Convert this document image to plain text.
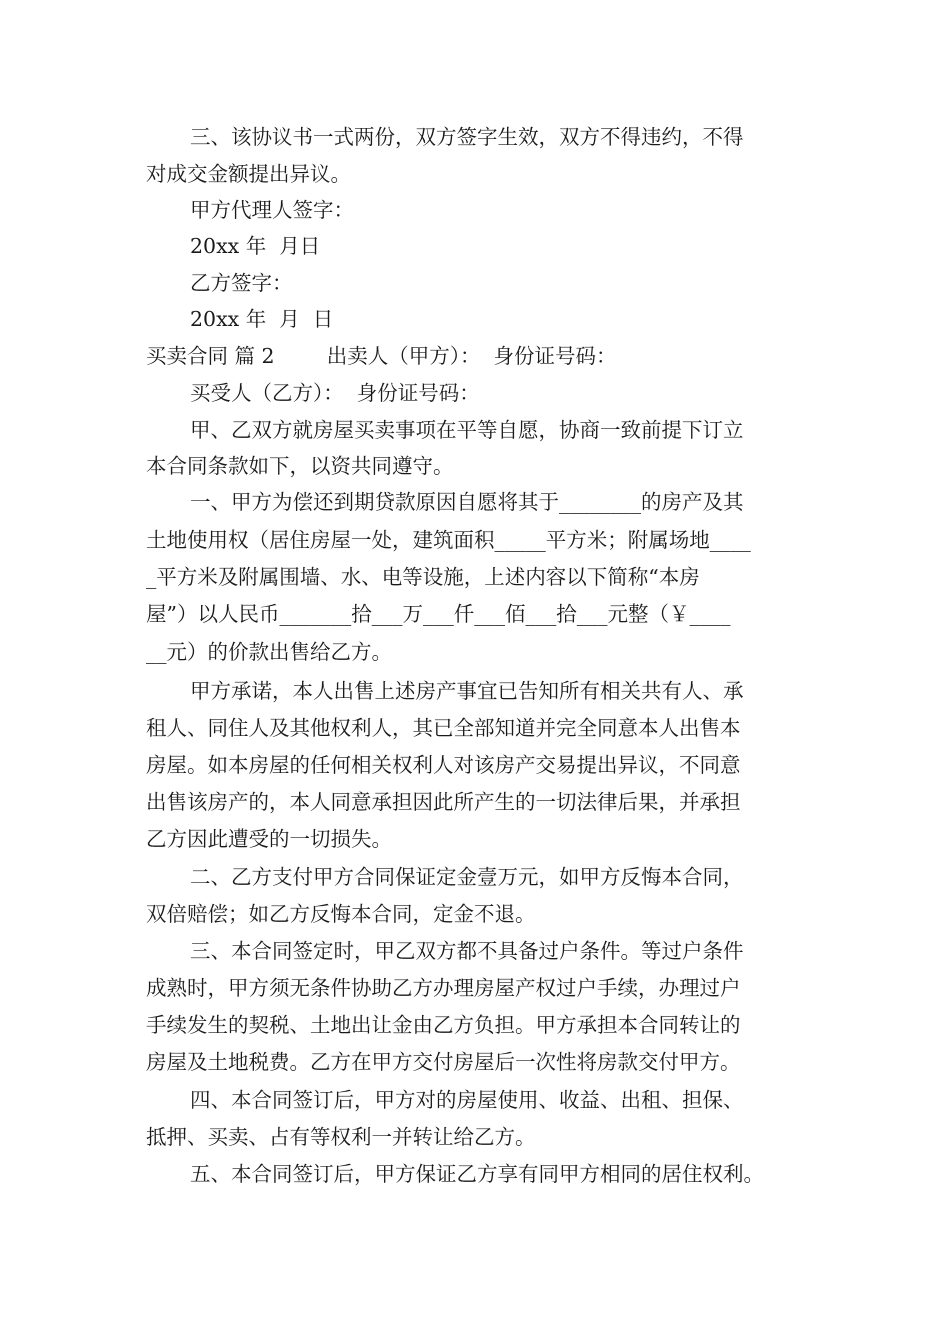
三、该协议书一式两份，双方签字生效，双方不得违约，不得

对成交金额提出异议。

甲方代理人签字：

20xx 年  月日

乙方签字：

20xx 年  月  日

买卖合同 篇 2        出卖人（甲方）：  身份证号码：

买受人（乙方）：  身份证号码：

甲、乙双方就房屋买卖事项在平等自愿，协商一致前提下订立

本合同条款如下，以资共同遵守。

一、甲方为偿还到期贷款原因自愿将其于________的房产及其

土地使用权（居住房屋一处，建筑面积_____平方米；附属场地____

_平方米及附属围墙、水、电等设施，上述内容以下简称“本房

屋”）以人民币_______拾___万___仟___佰___拾___元整（￥____

__元）的价款出售给乙方。

甲方承诺，本人出售上述房产事宜已告知所有相关共有人、承

租人、同住人及其他权利人，其已全部知道并完全同意本人出售本

房屋。如本房屋的任何相关权利人对该房产交易提出异议，不同意

出售该房产的，本人同意承担因此所产生的一切法律后果，并承担

乙方因此遭受的一切损失。

二、乙方支付甲方合同保证定金壹万元，如甲方反悔本合同，

双倍赔偿；如乙方反悔本合同，定金不退。

三、本合同签定时，甲乙双方都不具备过户条件。等过户条件

成熟时，甲方须无条件协助乙方办理房屋产权过户手续，办理过户

手续发生的契税、土地出让金由乙方负担。甲方承担本合同转让的

房屋及土地税费。乙方在甲方交付房屋后一次性将房款交付甲方。

四、本合同签订后，甲方对的房屋使用、收益、出租、担保、

抵押、买卖、占有等权利一并转让给乙方。

五、本合同签订后，甲方保证乙方享有同甲方相同的居住权利。
